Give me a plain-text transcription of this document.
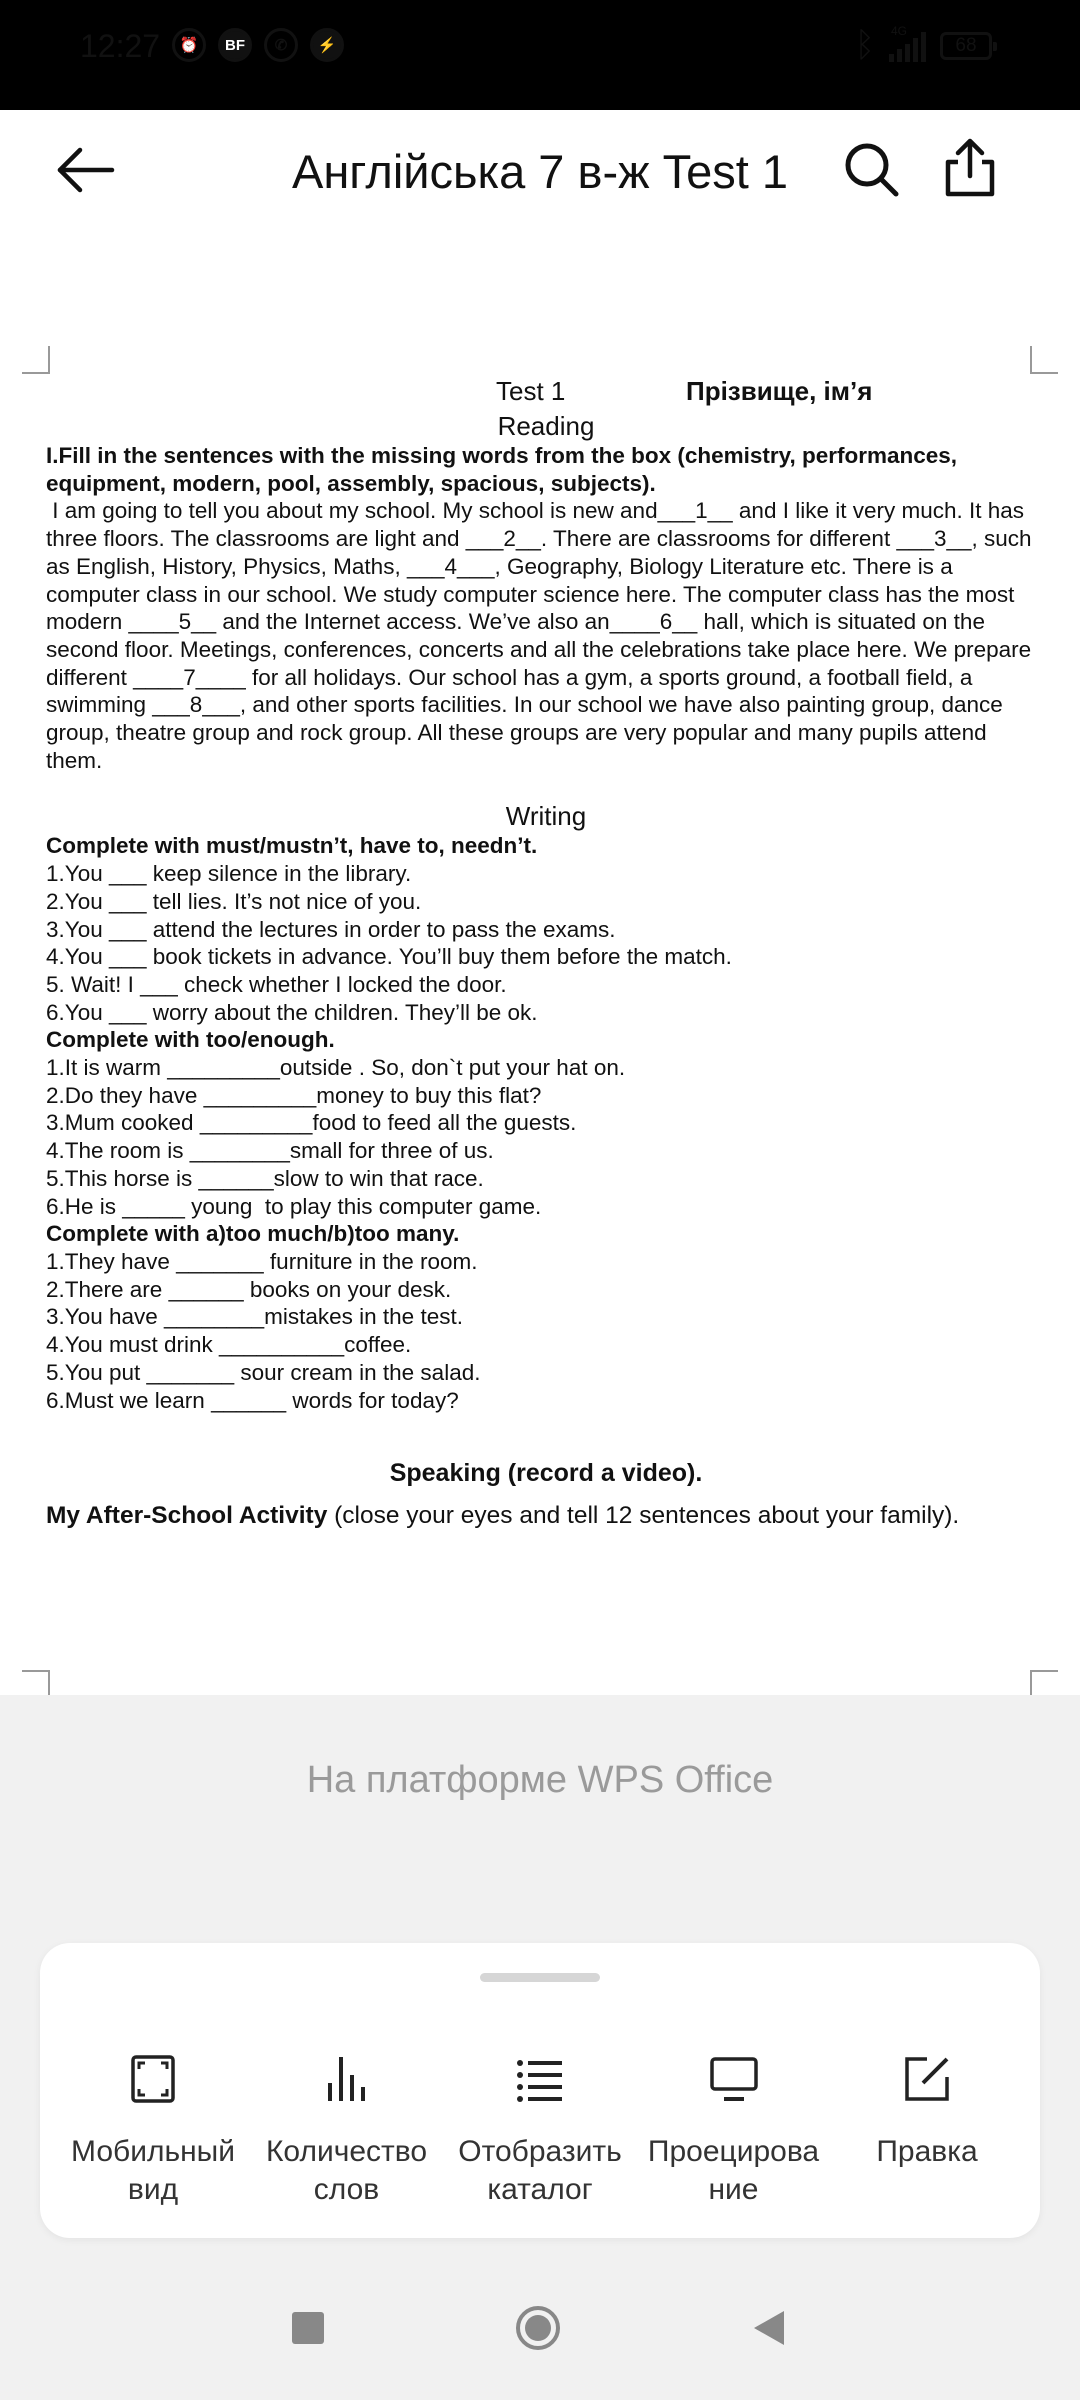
12:27	⏰	BF	✆	⚡	ᛒ 4G
68
Англійська 7 в-ж Test 1
Test 1	Прізвище, ім’я

Reading

I.Fill in the sentences with the missing words from the box (chemistry, performances, equipment, modern, pool, assembly, spacious, subjects).

I am going to tell you about my school. My school is new and___1__ and I like it very much. It has three floors. The classrooms are light and ___2__. There are classrooms for different ___3__, such as English, History, Physics, Maths, ___4___, Geography, Biology Literature etc. There is a computer class in our school. We study computer science here. The computer class has the most modern ____5__ and the Internet access. We’ve also an____6__ hall, which is situated on the second floor. Meetings, conferences, concerts and all the celebrations take place here. We prepare different ____7____ for all holidays. Our school has a gym, a sports ground, a football field, a swimming ___8___, and other sports facilities. In our school we have also painting group, dance group, theatre group and rock group. All these groups are very popular and many pupils attend them.

Writing

Complete with must/mustn’t, have to, needn’t.

1.You ___ keep silence in the library.

2.You ___ tell lies. It’s not nice of you.

3.You ___ attend the lectures in order to pass the exams.

4.You ___ book tickets in advance. You’ll buy them before the match.

5. Wait! I ___ check whether I locked the door.

6.You ___ worry about the children. They’ll be ok.

Complete with too/enough.

1.It is warm _________outside . So, don`t put your hat on.

2.Do they have _________money to buy this flat?

3.Mum cooked _________food to feed all the guests.

4.The room is ________small for three of us.

5.This horse is ______slow to win that race.

6.He is _____ young  to play this computer game.

Complete with a)too much/b)too many.

1.They have _______ furniture in the room.

2.There are ______ books on your desk.

3.You have ________mistakes in the test.

4.You must drink __________coffee.

5.You put _______ sour cream in the salad.

6.Must we learn ______ words for today?

Speaking (record a video).

My After-School Activity (close your eyes and tell 12 sentences about your family).

На платформе WPS Office
Мобильный вид
Количество слов
Отобразить каталог
Проецирова ние
Правка
